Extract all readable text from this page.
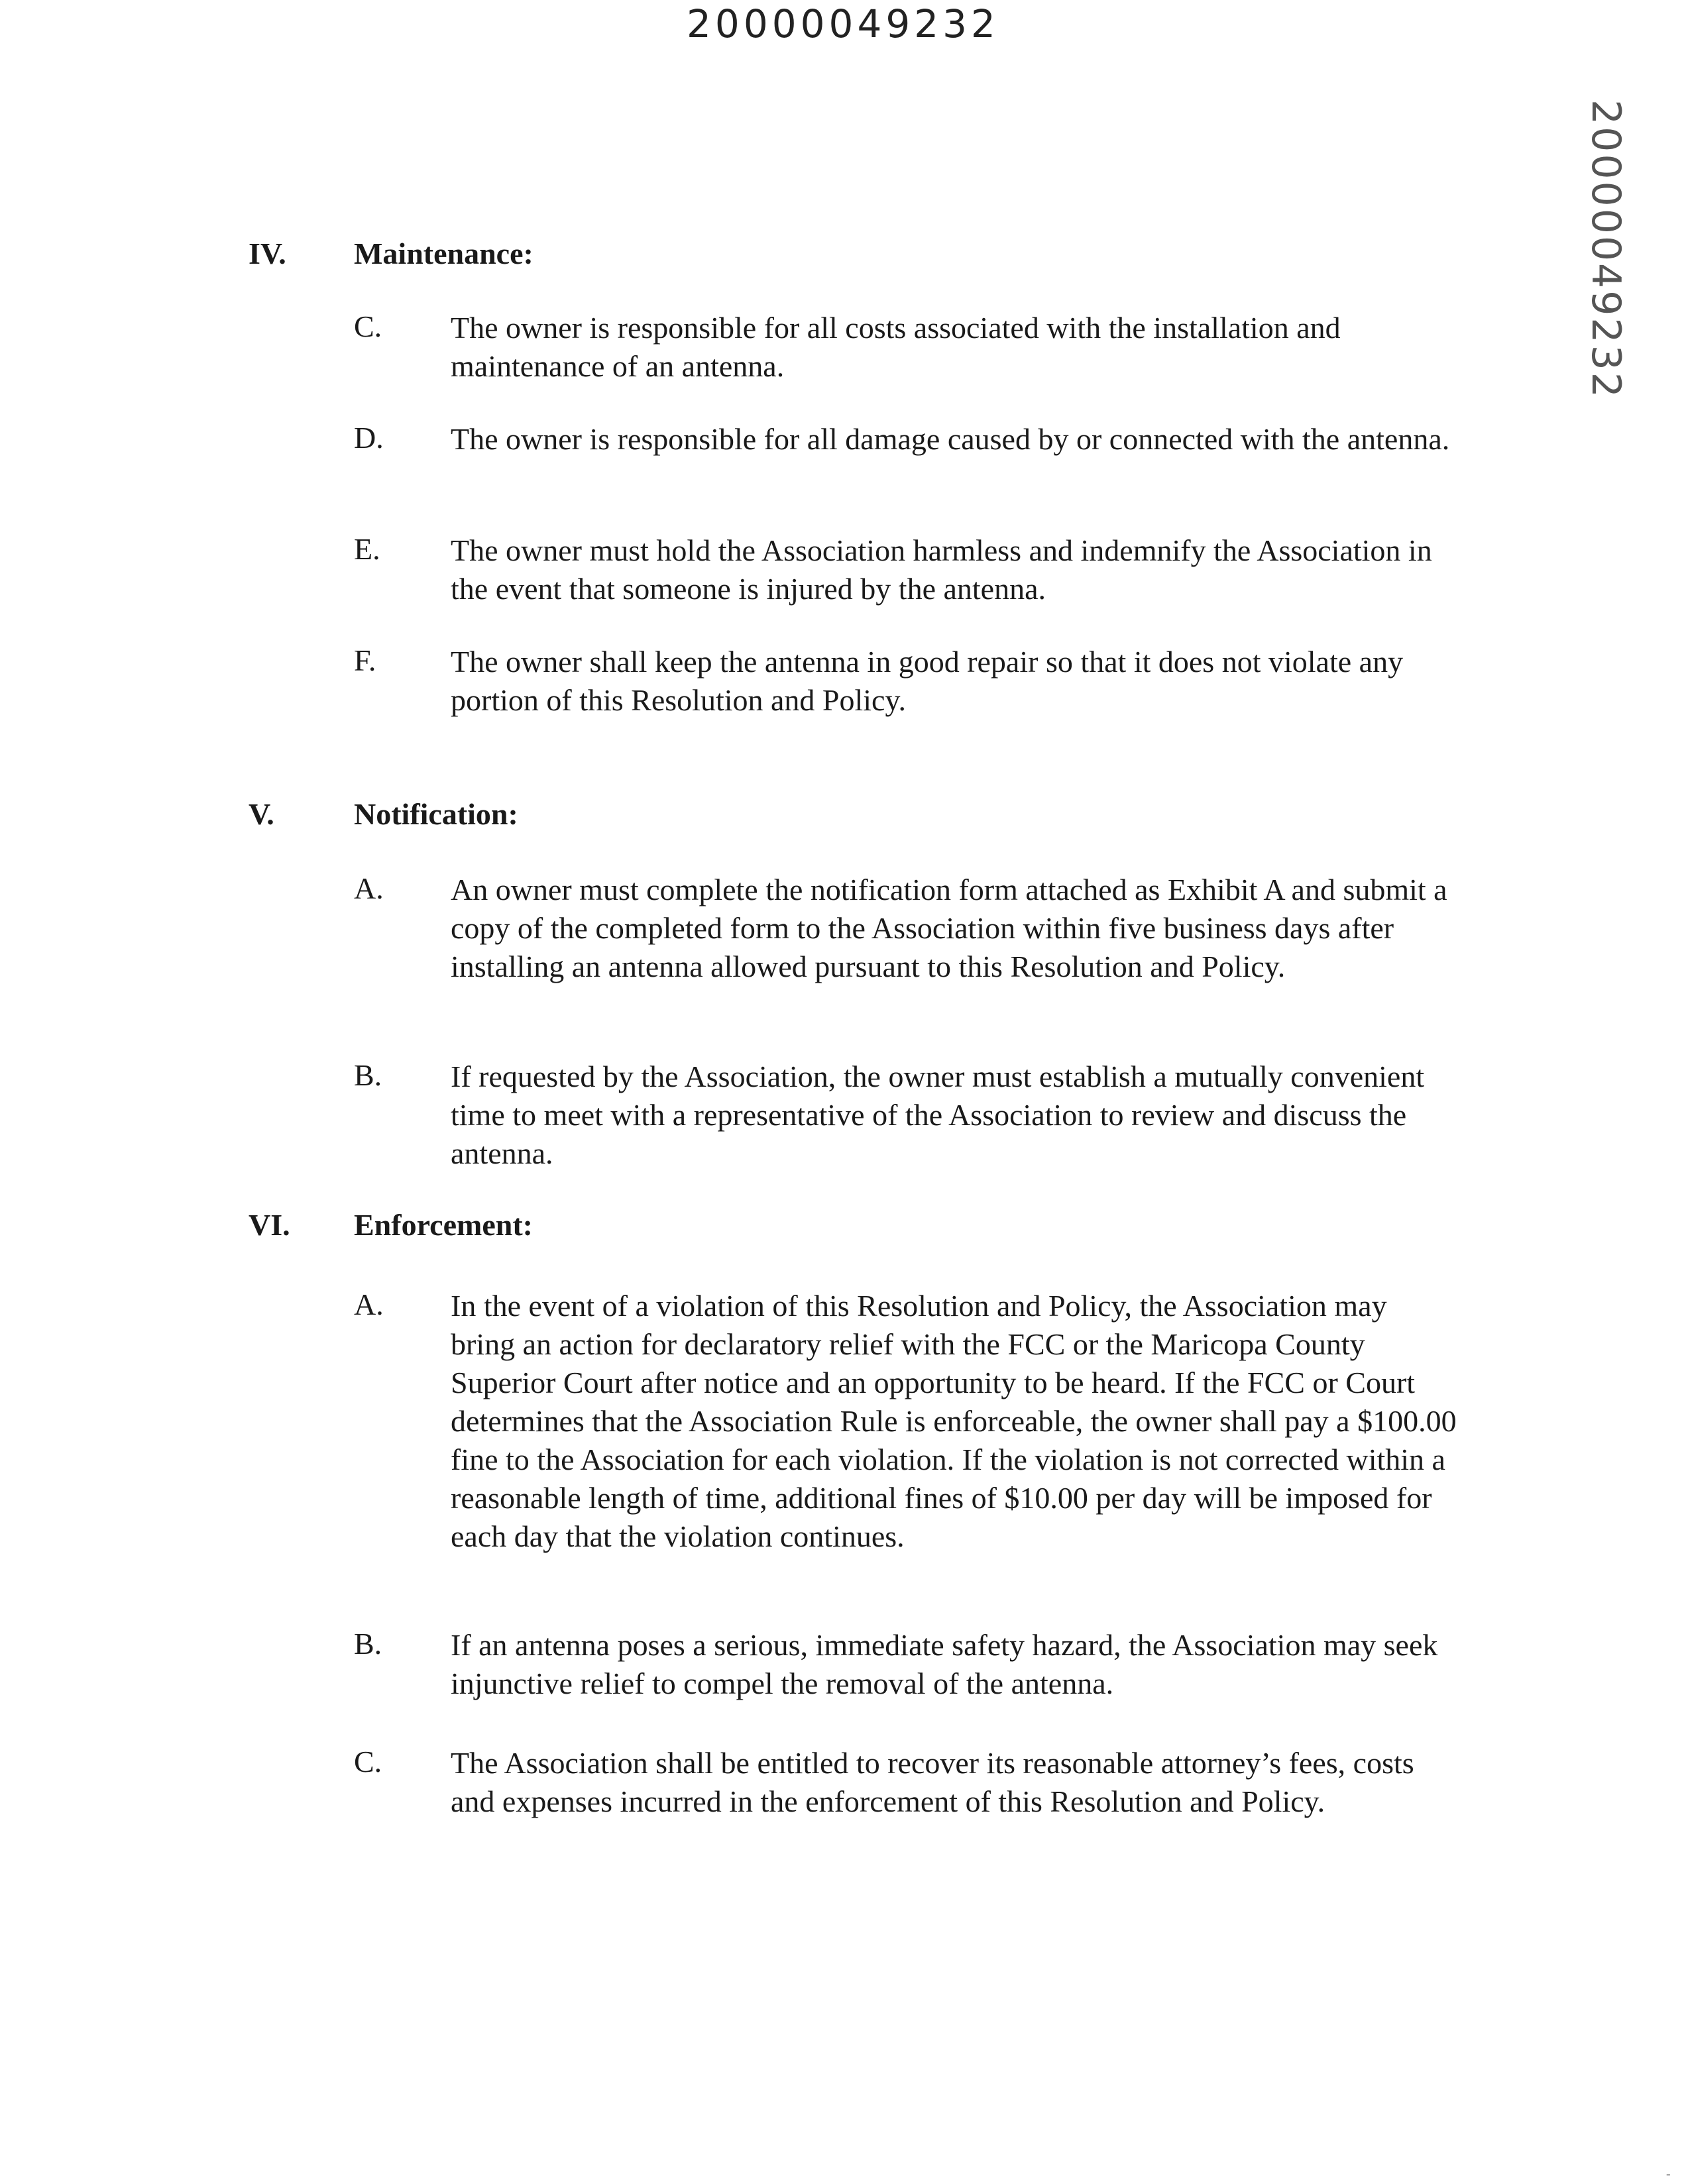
20000049232
20000049232
IV. Maintenance:
C. The owner is responsible for all costs associated with the installation and maintenance of an antenna.
D. The owner is responsible for all damage caused by or connected with the antenna.
E. The owner must hold the Association harmless and indemnify the Association in the event that someone is injured by the antenna.
F. The owner shall keep the antenna in good repair so that it does not violate any portion of this Resolution and Policy.
V.	Notification:
A. An owner must complete the notification form attached as Exhibit A and submit a copy of the completed form to the Association within five business days after installing an antenna allowed pursuant to this Resolution and Policy.
B. If requested by the Association, the owner must establish a mutually convenient time to meet with a representative of the Association to review and discuss the antenna.
VI. Enforcement:
A. In the event of a violation of this Resolution and Policy, the Association may bring an action for declaratory relief with the FCC or the Maricopa County Superior Court after notice and an opportunity to be heard. If the FCC or Court determines that the Association Rule is enforceable, the owner shall pay a $100.00 fine to the Association for each violation. If the violation is not corrected within a reasonable length of time, additional fines of $10.00 per day will be imposed for each day that the violation continues.
B. If an antenna poses a serious, immediate safety hazard, the Association may seek injunctive relief to compel the removal of the antenna.
C. The Association shall be entitled to recover its reasonable attorney’s fees, costs and expenses incurred in the enforcement of this Resolution and Policy.
-
